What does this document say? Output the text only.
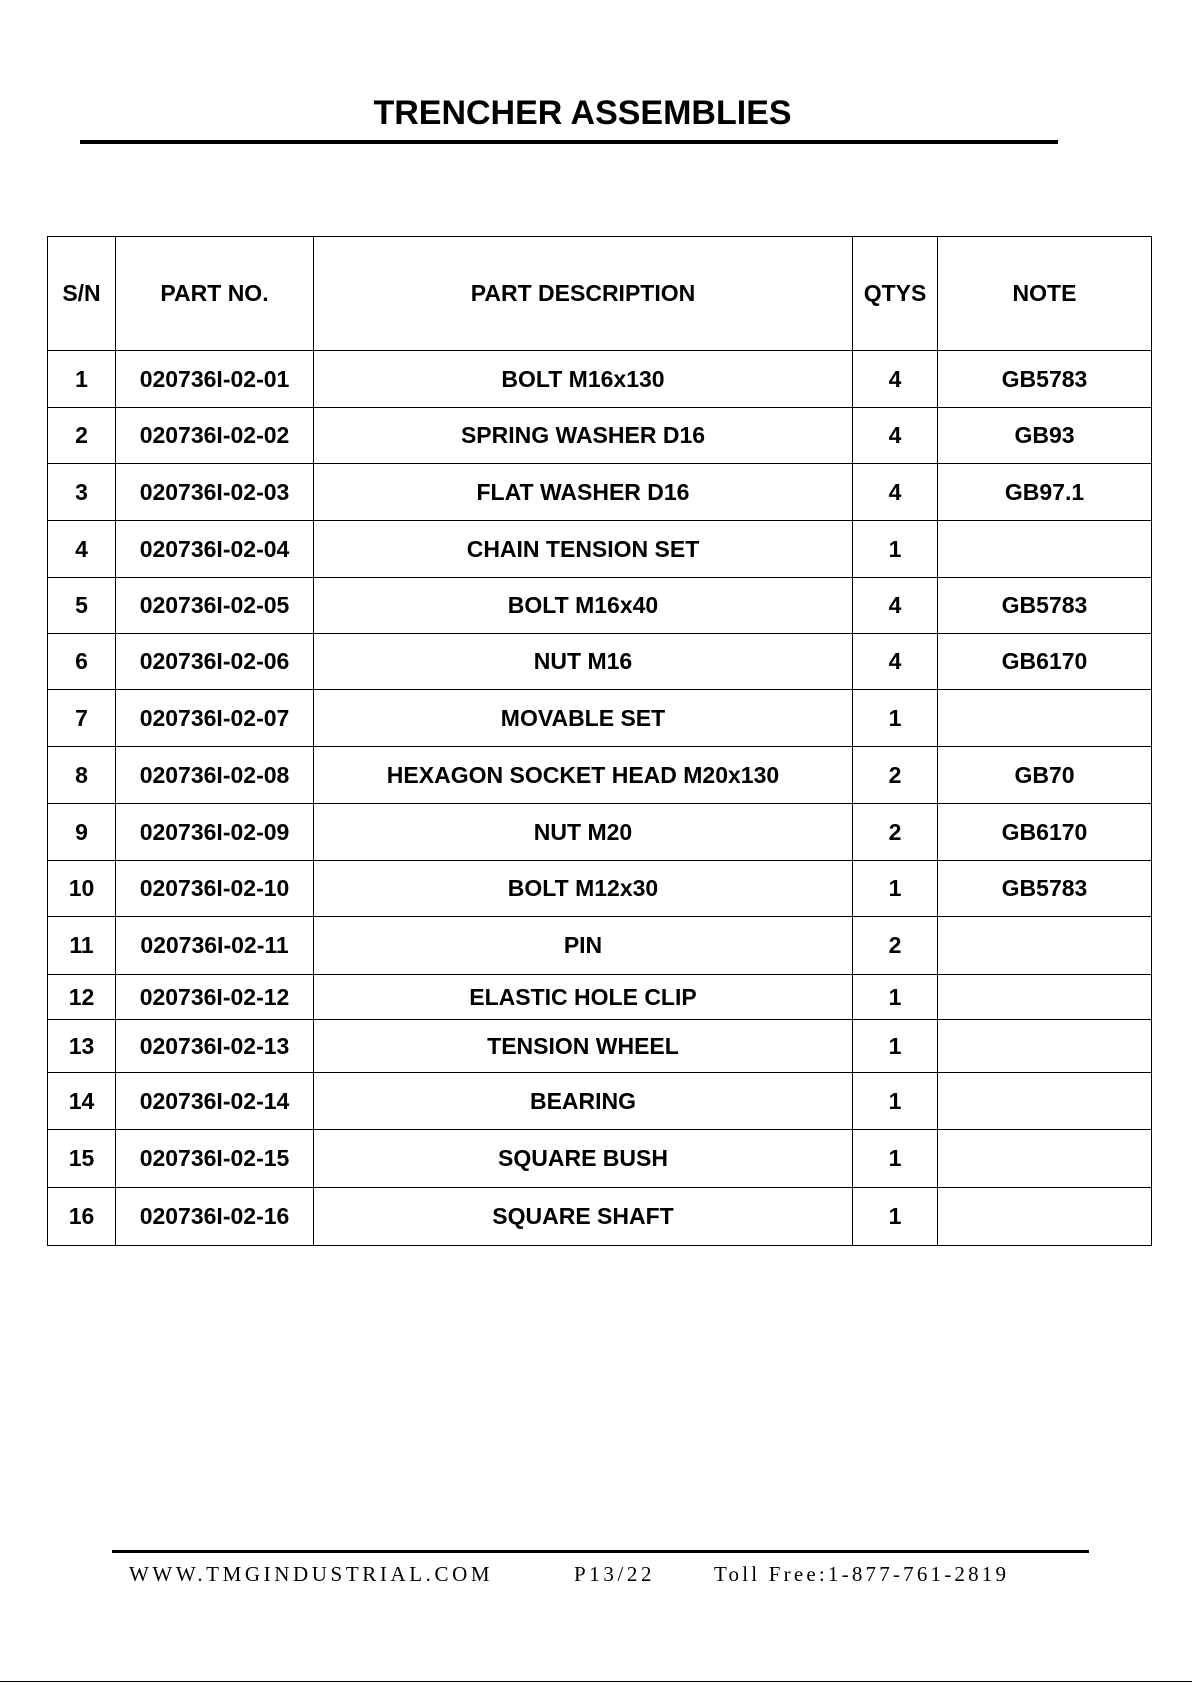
TRENCHER ASSEMBLIES
S/N	PART NO.	PART DESCRIPTION	QTYS	NOTE
1	020736I-02-01	BOLT M16x130	4	GB5783
2	020736I-02-02	SPRING WASHER D16	4	GB93
3	020736I-02-03	FLAT WASHER D16	4	GB97.1
4	020736I-02-04	CHAIN TENSION SET	1	
5	020736I-02-05	BOLT M16x40	4	GB5783
6	020736I-02-06	NUT M16	4	GB6170
7	020736I-02-07	MOVABLE SET	1	
8	020736I-02-08	HEXAGON SOCKET HEAD M20x130	2	GB70
9	020736I-02-09	NUT M20	2	GB6170
10	020736I-02-10	BOLT M12x30	1	GB5783
11	020736I-02-11	PIN	2	
12	020736I-02-12	ELASTIC HOLE CLIP	1	
13	020736I-02-13	TENSION WHEEL	1	
14	020736I-02-14	BEARING	1	
15	020736I-02-15	SQUARE BUSH	1	
16	020736I-02-16	SQUARE SHAFT	1	
WWW.TMGINDUSTRIAL.COM	P13/22	Toll Free:1-877-761-2819
